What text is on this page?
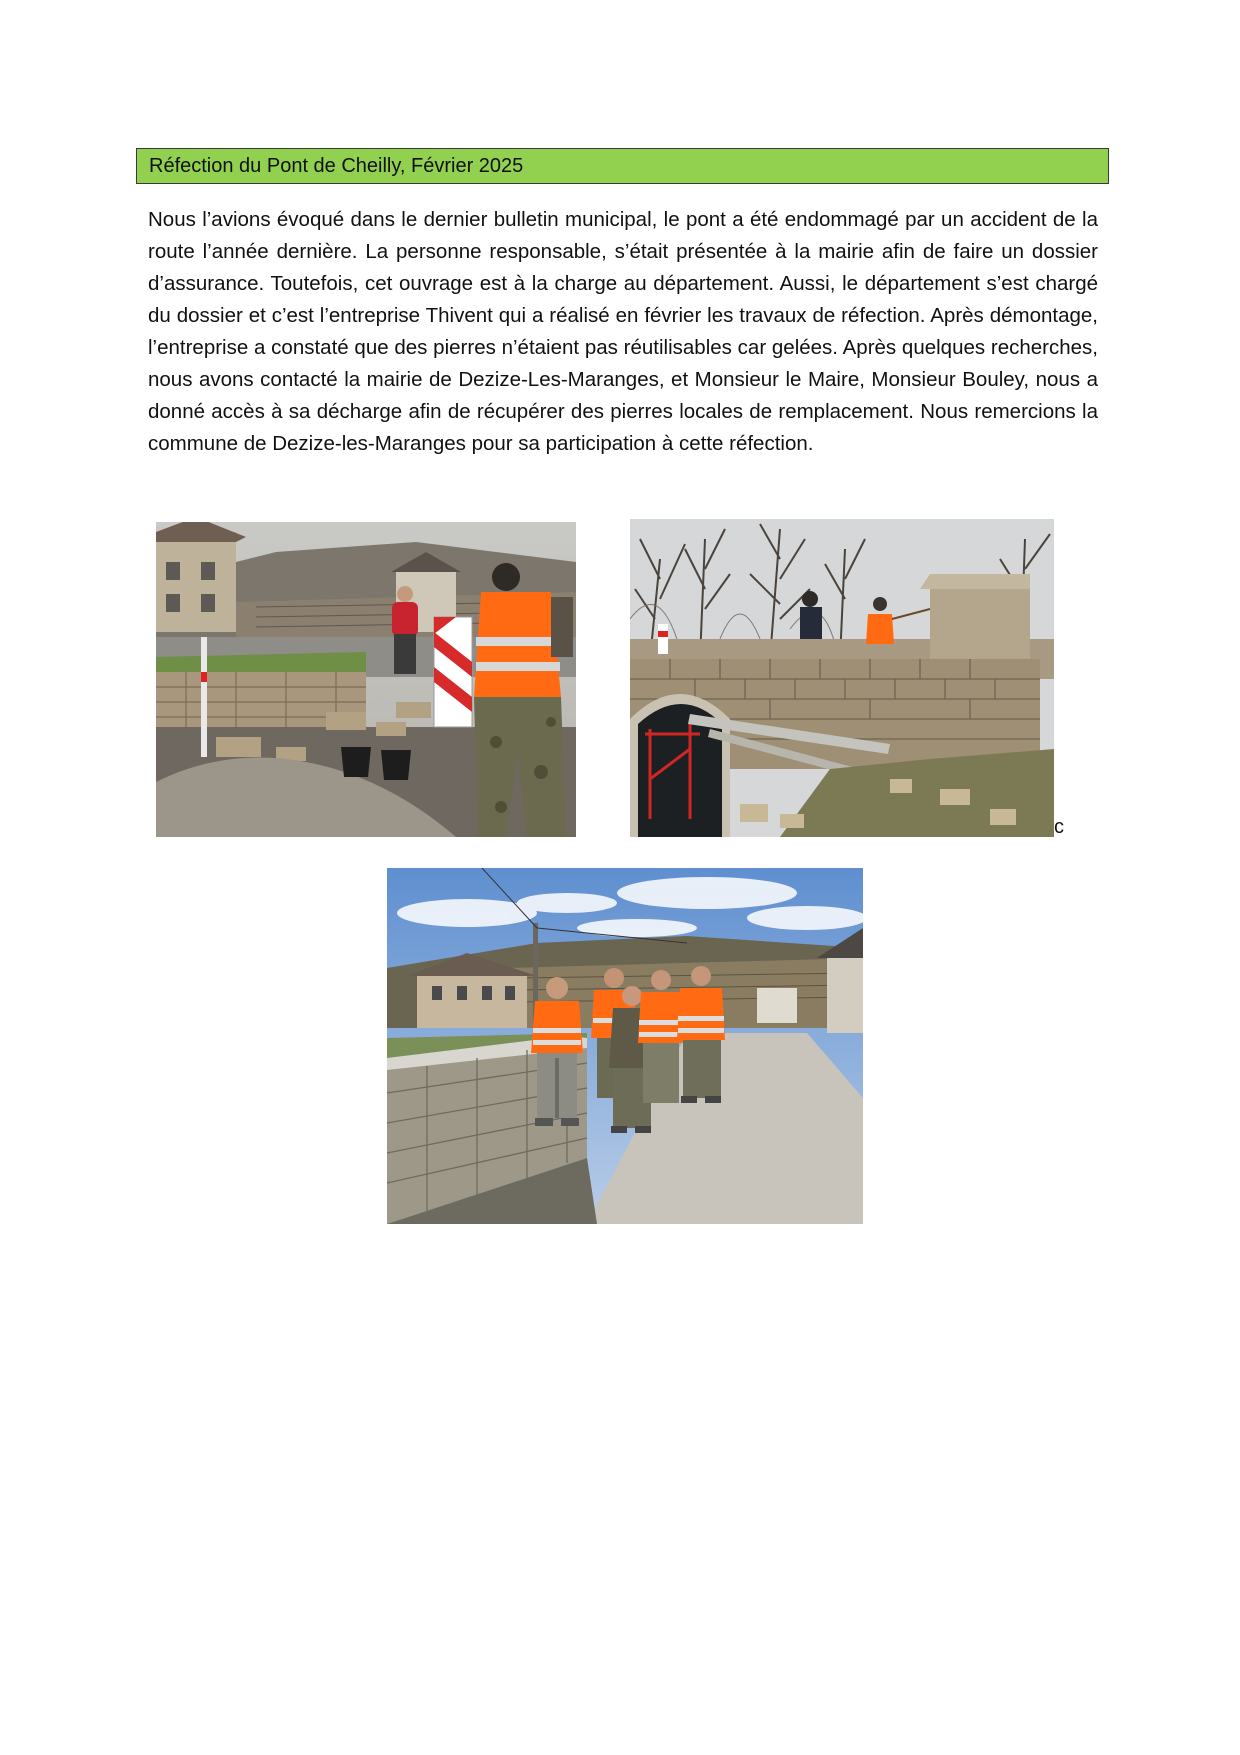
Réfection du Pont de Cheilly, Février 2025
Nous l’avions évoqué dans le dernier bulletin municipal, le pont a été endommagé par un accident de la route l’année dernière. La personne responsable, s’était présentée à la mairie afin de faire un dossier d’assurance. Toutefois, cet ouvrage est à la charge au département. Aussi, le département s’est chargé du dossier et c’est l’entreprise Thivent qui a réalisé en février les travaux de réfection. Après démontage, l’entreprise a constaté que des pierres n’étaient pas réutilisables car gelées. Après quelques recherches, nous avons contacté la mairie de Dezize-Les-Maranges, et Monsieur le Maire, Monsieur Bouley, nous a donné accès à sa décharge afin de récupérer des pierres locales de remplacement. Nous remercions la commune de Dezize-les-Maranges pour sa participation à cette réfection.
c
